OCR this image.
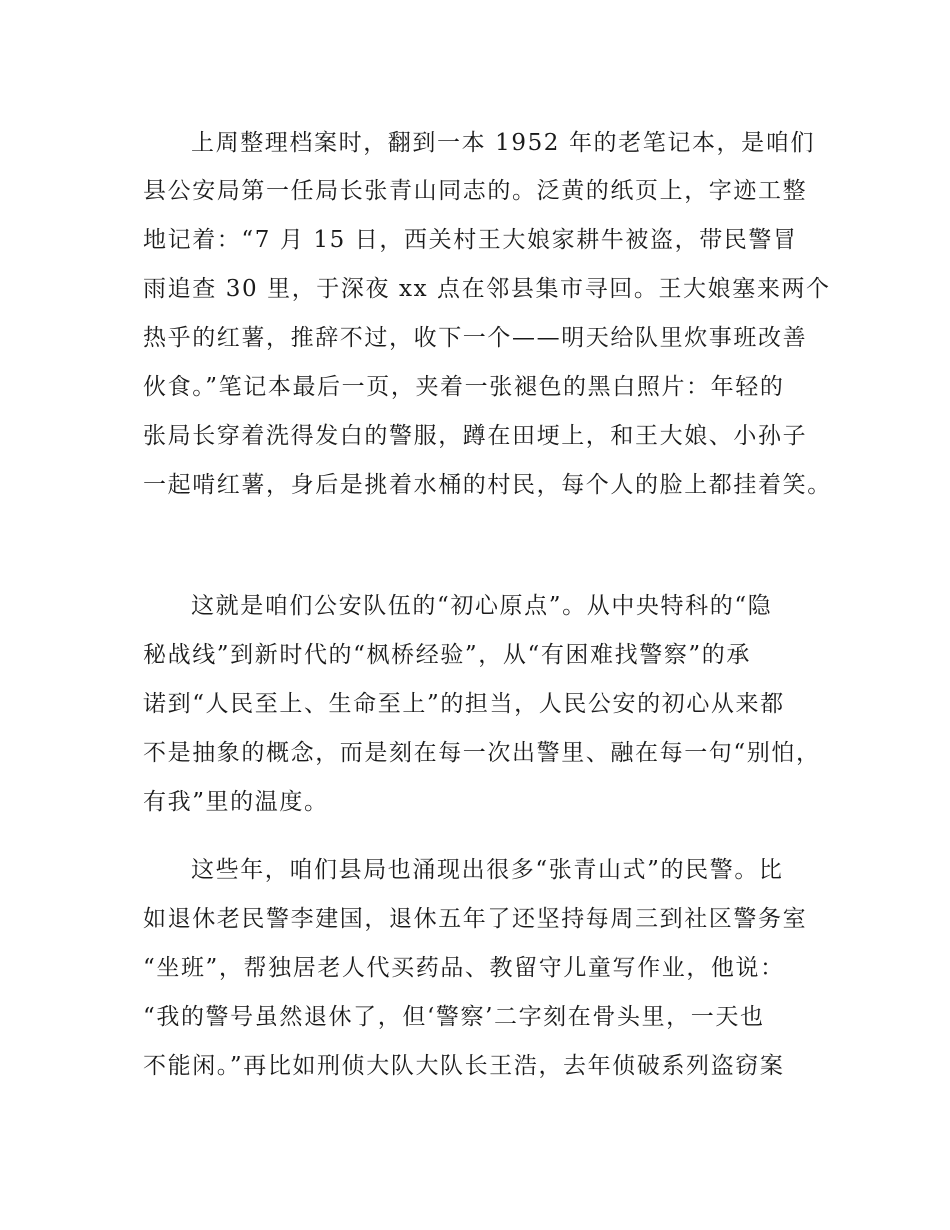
上周整理档案时，翻到一本 1952 年的老笔记本，是咱们
县公安局第一任局长张青山同志的。泛黄的纸页上，字迹工整
地记着：“7 月 15 日，西关村王大娘家耕牛被盗，带民警冒
雨追查 30 里，于深夜 xx 点在邻县集市寻回。王大娘塞来两个
热乎的红薯，推辞不过，收下一个——明天给队里炊事班改善
伙食。”笔记本最后一页，夹着一张褪色的黑白照片：年轻的
张局长穿着洗得发白的警服，蹲在田埂上，和王大娘、小孙子
一起啃红薯，身后是挑着水桶的村民，每个人的脸上都挂着笑。
这就是咱们公安队伍的“初心原点”。从中央特科的“隐
秘战线”到新时代的“枫桥经验”，从“有困难找警察”的承
诺到“人民至上、生命至上”的担当，人民公安的初心从来都
不是抽象的概念，而是刻在每一次出警里、融在每一句“别怕，
有我”里的温度。
这些年，咱们县局也涌现出很多“张青山式”的民警。比
如退休老民警李建国，退休五年了还坚持每周三到社区警务室
“坐班”，帮独居老人代买药品、教留守儿童写作业，他说：
“我的警号虽然退休了，但‘警察’二字刻在骨头里，一天也
不能闲。”再比如刑侦大队大队长王浩，去年侦破系列盗窃案
